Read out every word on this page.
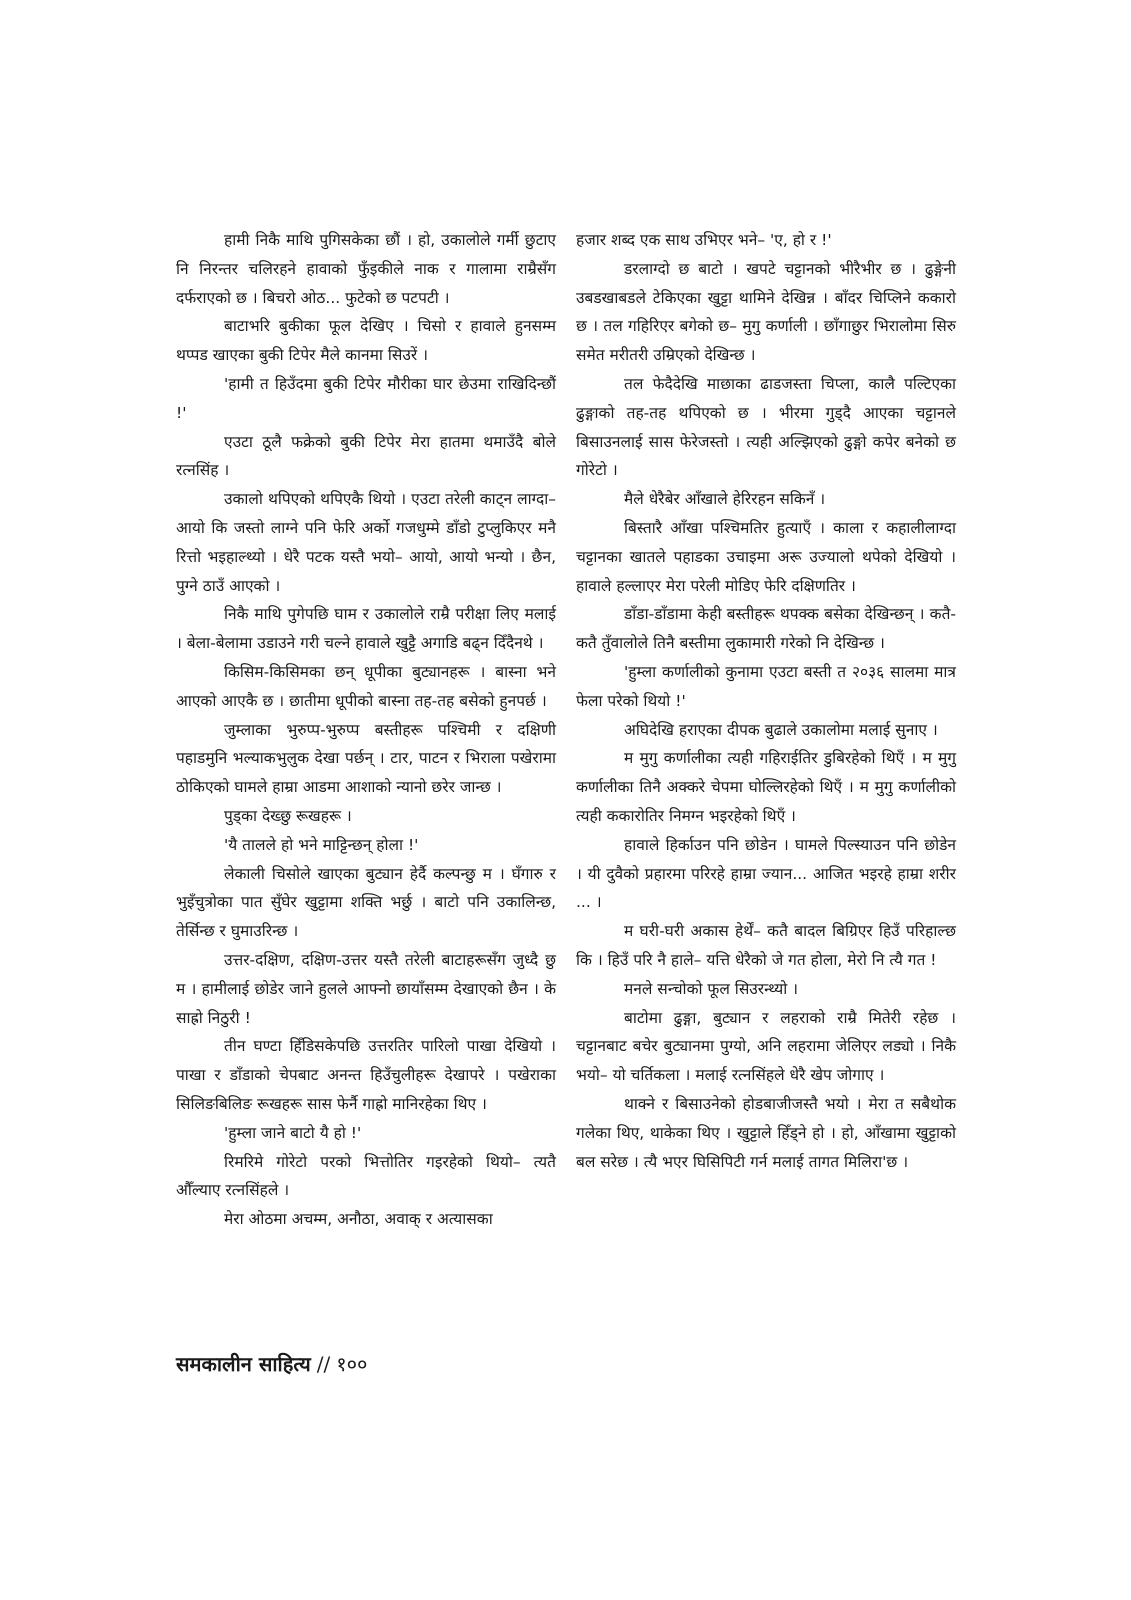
हामी निकै माथि पुगिसकेका छौं । हो, उकालोले गर्मी छुटाए नि निरन्तर चलिरहने हावाको फुँइकीले नाक र गालामा राम्रैसँग दर्फराएको छ । बिचरो ओठ... फुटेको छ पटपटी ।

बाटाभरि बुकीका फूल देखिए । चिसो र हावाले हुनसम्म थप्पड खाएका बुकी टिपेर मैले कानमा सिउरें ।

'हामी त हिउँदमा बुकी टिपेर मौरीका घार छेउमा राखिदिन्छौं !'

एउटा ठूलै फक्रेको बुकी टिपेर मेरा हातमा थमाउँदै बोले रत्नसिंह ।

उकालो थपिएको थपिएकै थियो । एउटा तरेली काट्न लाग्दा– आयो कि जस्तो लाग्ने पनि फेरि अर्को गजधुम्मे डाँडो टुप्लुकिएर मनै रित्तो भइहाल्थ्यो । धेरै पटक यस्तै भयो– आयो, आयो भन्यो । छैन, पुग्ने ठाउँ आएको ।

निकै माथि पुगेपछि घाम र उकालोले राम्रै परीक्षा लिए मलाई । बेला-बेलामा उडाउने गरी चल्ने हावाले खुट्टै अगाडि बढ्न दिँदैनथे ।

किसिम-किसिमका छन् धूपीका बुट्यानहरू । बास्ना भने आएको आएकै छ । छातीमा धूपीको बास्ना तह-तह बसेको हुनपर्छ ।

जुम्लाका भुरुप्प-भुरुप्प बस्तीहरू पश्चिमी र दक्षिणी पहाडमुनि भल्याकभुलुक देखा पर्छन् । टार, पाटन र भिराला पखेरामा ठोकिएको घामले हाम्रा आडमा आशाको न्यानो छरेर जान्छ ।

पुड्का देख्छु रूखहरू ।

'यै तालले हो भने माट्टिन्छन् होला !'

लेकाली चिसोले खाएका बुट्यान हेर्दै कल्पन्छु म । घँगारु र भुइँचुत्रोका पात सुँघेर खुट्टामा शक्ति भर्छु । बाटो पनि उकालिन्छ, तेर्सिन्छ र घुमाउरिन्छ ।

उत्तर-दक्षिण, दक्षिण-उत्तर यस्तै तरेली बाटाहरूसँग जुध्दै छु म । हामीलाई छोडेर जाने हुलले आफ्नो छायाँसम्म देखाएको छैन । के साह्रो निठुरी !

तीन घण्टा हिँडिसकेपछि उत्तरतिर पारिलो पाखा देखियो । पाखा र डाँडाको चेपबाट अनन्त हिउँचुलीहरू देखापरे । पखेराका सिलिङबिलिङ रूखहरू सास फेर्नै गाह्रो मानिरहेका थिए ।

'हुम्ला जाने बाटो यै हो !'

रिमरिमे गोरेटो परको भित्तोतिर गइरहेको थियो– त्यतै औँल्याए रत्नसिंहले ।

मेरा ओठमा अचम्म, अनौठा, अवाक् र अत्यासका

हजार शब्द एक साथ उभिएर भने– 'ए, हो र !'

डरलाग्दो छ बाटो । खपटे चट्टानको भीरैभीर छ । ढुङ्गेनी उबडखाबडले टेकिएका खुट्टा थामिने देखिन्न । बाँदर चिप्लिने ककारो छ । तल गहिरिएर बगेको छ– मुगु कर्णाली । छाँगाछुर भिरालोमा सिरु समेत मरीतरी उम्रिएको देखिन्छ ।

तल फेदैदेखि माछाका ढाडजस्ता चिप्ला, कालै पल्टिएका ढुङ्गाको तह-तह थपिएको छ । भीरमा गुड्दै आएका चट्टानले बिसाउनलाई सास फेरेजस्तो । त्यही अल्झिएको ढुङ्गो कपेर बनेको छ गोरेटो ।

मैले धेरैबेर आँखाले हेरिरहन सकिनँ ।

बिस्तारै आँखा पश्चिमतिर हुत्याएँ । काला र कहालीलाग्दा चट्टानका खातले पहाडका उचाइमा अरू उज्यालो थपेको देखियो । हावाले हल्लाएर मेरा परेली मोडिए फेरि दक्षिणतिर ।

डाँडा-डाँडामा केही बस्तीहरू थपक्क बसेका देखिन्छन् । कतै-कतै तुँवालोले तिनै बस्तीमा लुकामारी गरेको नि देखिन्छ ।

'हुम्ला कर्णालीको कुनामा एउटा बस्ती त २०३६ सालमा मात्र फेला परेको थियो !'

अघिदेखि हराएका दीपक बुढाले उकालोमा मलाई सुनाए ।

म मुगु कर्णालीका त्यही गहिराईतिर डुबिरहेको थिएँ । म मुगु कर्णालीका तिनै अक्करे चेपमा घोल्लिरहेको थिएँ । म मुगु कर्णालीको त्यही ककारोतिर निमग्न भइरहेको थिएँ ।

हावाले हिर्काउन पनि छोडेन । घामले पिल्स्याउन पनि छोडेन । यी दुवैको प्रहारमा परिरहे हाम्रा ज्यान... आजित भइरहे हाम्रा शरीर ... ।

म घरी-घरी अकास हेर्थें– कतै बादल बिग्रिएर हिउँ परिहाल्छ कि । हिउँ परि नै हाले– यत्ति धेरैको जे गत होला, मेरो नि त्यै गत !

मनले सन्चोको फूल सिउरन्थ्यो ।

बाटोमा ढुङ्गा, बुट्यान र लहराको राम्रै मितेरी रहेछ । चट्टानबाट बचेर बुट्यानमा पुग्यो, अनि लहरामा जेलिएर लड्यो । निकै भयो– यो चर्तिकला । मलाई रत्नसिंहले धेरै खेप जोगाए ।

थाक्ने र बिसाउनेको होडबाजीजस्तै भयो । मेरा त सबैथोक गलेका थिए, थाकेका थिए । खुट्टाले हिँड्ने हो । हो, आँखामा खुट्टाको बल सरेछ । त्यै भएर घिसिपिटी गर्न मलाई तागत मिलिरा'छ ।

समकालीन साहित्य // १००
